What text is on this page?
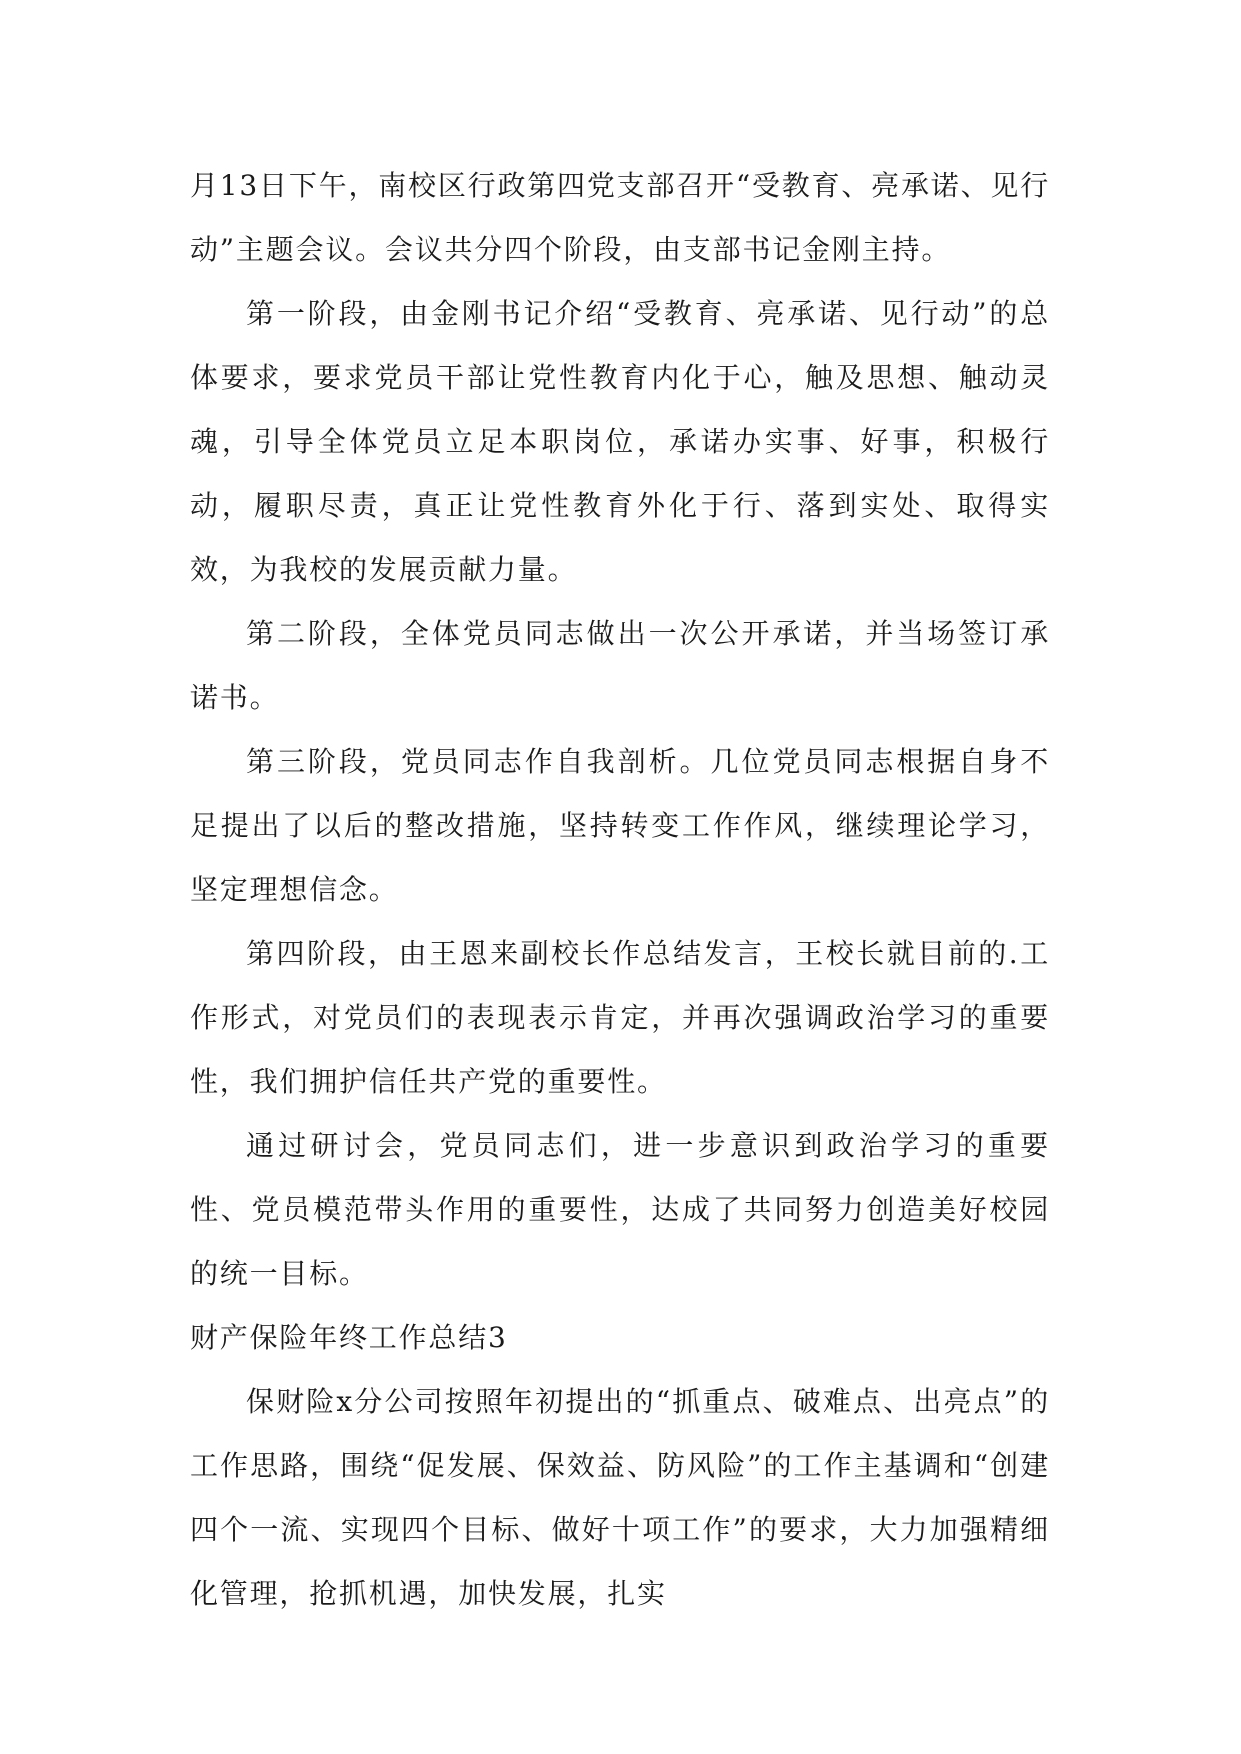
月13日下午，南校区行政第四党支部召开“受教育、亮承诺、见行动”主题会议。会议共分四个阶段，由支部书记金刚主持。

第一阶段，由金刚书记介绍“受教育、亮承诺、见行动”的总体要求，要求党员干部让党性教育内化于心，触及思想、触动灵魂，引导全体党员立足本职岗位，承诺办实事、好事，积极行动，履职尽责，真正让党性教育外化于行、落到实处、取得实效，为我校的发展贡献力量。

第二阶段，全体党员同志做出一次公开承诺，并当场签订承诺书。

第三阶段，党员同志作自我剖析。几位党员同志根据自身不足提出了以后的整改措施，坚持转变工作作风，继续理论学习，坚定理想信念。

第四阶段，由王恩来副校长作总结发言，王校长就目前的.工作形式，对党员们的表现表示肯定，并再次强调政治学习的重要性，我们拥护信任共产党的重要性。

通过研讨会，党员同志们，进一步意识到政治学习的重要性、党员模范带头作用的重要性，达成了共同努力创造美好校园的统一目标。

财产保险年终工作总结3

保财险x分公司按照年初提出的“抓重点、破难点、出亮点”的工作思路，围绕“促发展、保效益、防风险”的工作主基调和“创建四个一流、实现四个目标、做好十项工作”的要求，大力加强精细化管理，抢抓机遇，加快发展，扎实
